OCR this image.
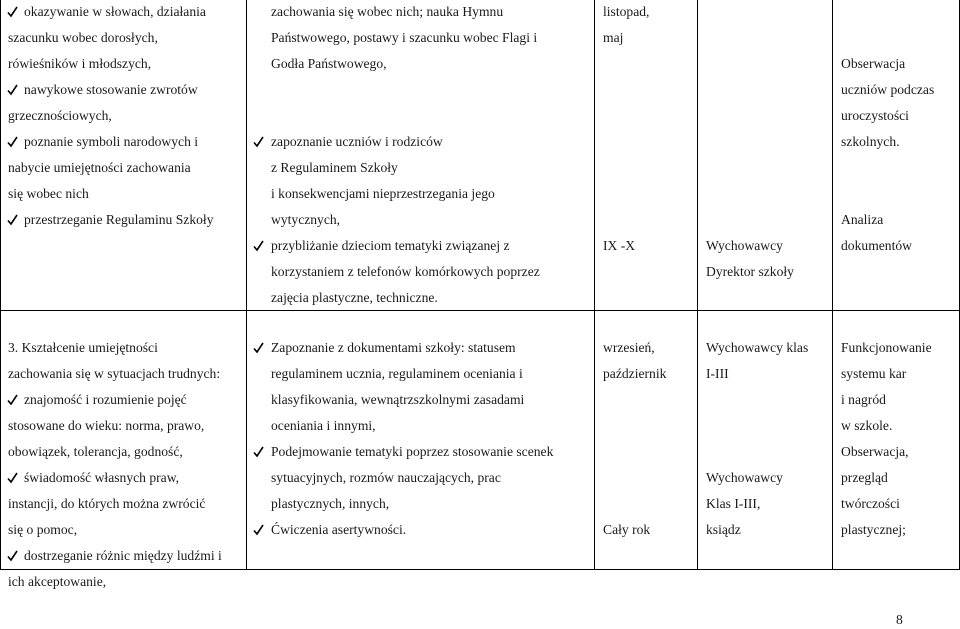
okazywanie w słowach, działania
szacunku wobec dorosłych,
rówieśników i młodszych,
nawykowe stosowanie zwrotów
grzecznościowych,
poznanie symboli narodowych i
nabycie umiejętności zachowania
się wobec nich
przestrzeganie Regulaminu Szkoły
zachowania się wobec nich; nauka Hymnu
Państwowego, postawy i szacunku wobec Flagi i
Godła Państwowego,
zapoznanie uczniów i rodziców
z Regulaminem Szkoły
i konsekwencjami nieprzestrzegania jego
wytycznych,
przybliżanie dzieciom tematyki związanej z
korzystaniem z telefonów komórkowych poprzez
zajęcia plastyczne, techniczne.
listopad,
maj
IX -X	Wychowawcy
Dyrektor szkoły
Obserwacja
uczniów podczas
uroczystości
szkolnych.
Analiza
dokumentów
3. Kształcenie umiejętności
zachowania się w sytuacjach trudnych:
znajomość i rozumienie pojęć
stosowane do wieku: norma, prawo,
obowiązek, tolerancja, godność,
świadomość własnych praw,
instancji, do których można zwrócić
się o pomoc,
dostrzeganie różnic między ludźmi i
ich akceptowanie,
Zapoznanie z dokumentami szkoły: statusem
regulaminem ucznia, regulaminem oceniania i
klasyfikowania, wewnątrzszkolnymi zasadami
oceniania i innymi,
Podejmowanie tematyki poprzez stosowanie scenek
sytuacyjnych, rozmów nauczających, prac
plastycznych, innych,
Ćwiczenia asertywności.
wrzesień,
październik
Cały rok
Wychowawcy klas
I-III
Wychowawcy
Klas I-III,
ksiądz
Funkcjonowanie
systemu kar
i nagród
w szkole.
Obserwacja,
przegląd
twórczości
plastycznej;
8
